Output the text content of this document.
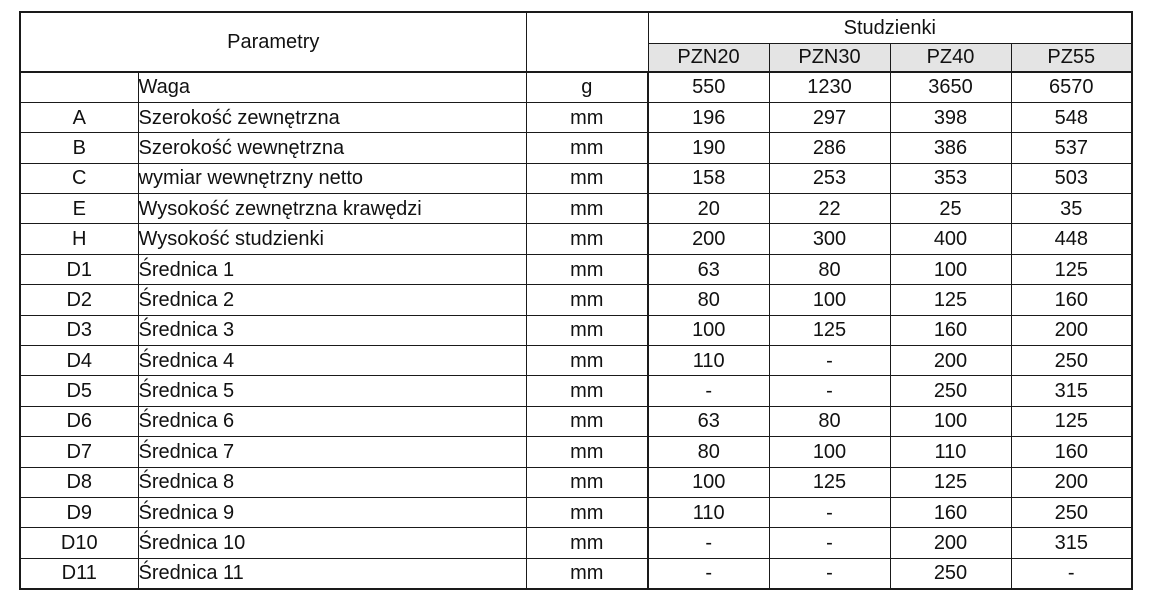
Parametry			Studzienki			
			PZN20	PZN30	PZ40	PZ55
	Waga	g	550	1230	3650	6570
A	Szerokość zewnętrzna	mm	196	297	398	548
B	Szerokość wewnętrzna	mm	190	286	386	537
C	wymiar wewnętrzny netto	mm	158	253	353	503
E	Wysokość zewnętrzna krawędzi	mm	20	22	25	35
H	Wysokość studzienki	mm	200	300	400	448
D1	Średnica 1	mm	63	80	100	125
D2	Średnica 2	mm	80	100	125	160
D3	Średnica 3	mm	100	125	160	200
D4	Średnica 4	mm	110	-	200	250
D5	Średnica 5	mm	-	-	250	315
D6	Średnica 6	mm	63	80	100	125
D7	Średnica 7	mm	80	100	110	160
D8	Średnica 8	mm	100	125	125	200
D9	Średnica 9	mm	110	-	160	250
D10	Średnica 10	mm	-	-	200	315
D11	Średnica 11	mm	-	-	250	-
